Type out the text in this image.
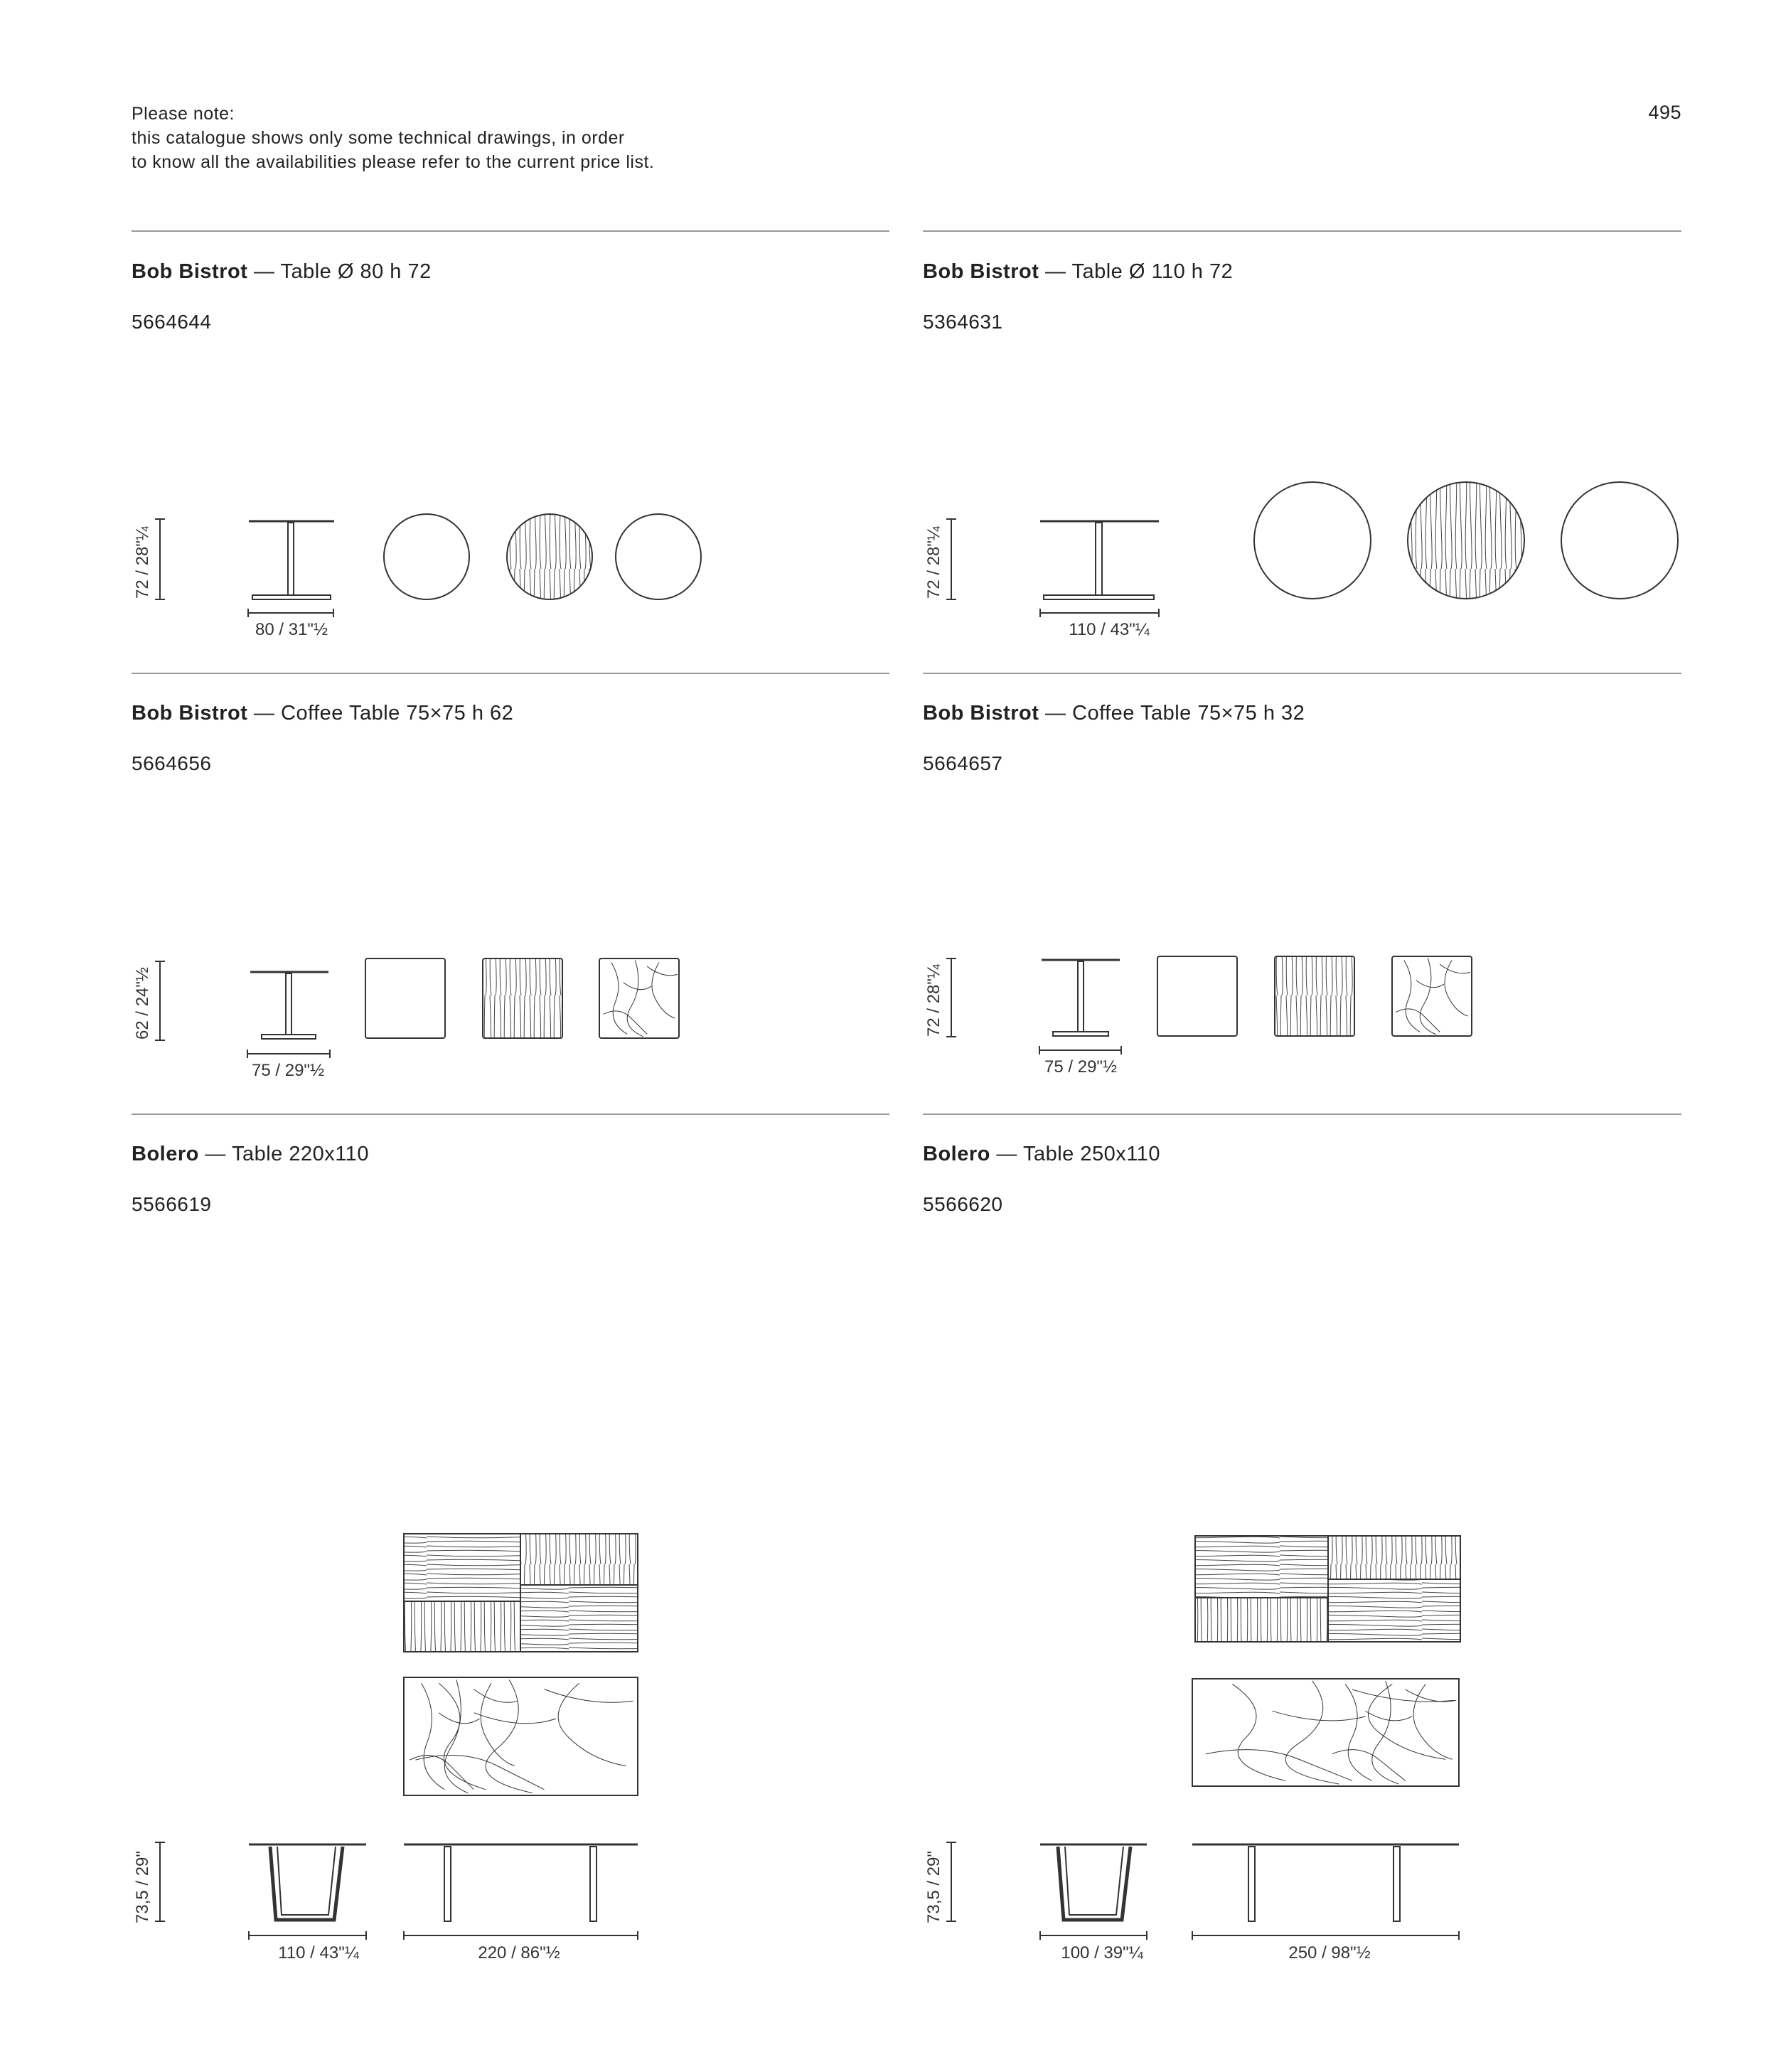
Please note:
this catalogue shows only some technical drawings, in order
to know all the availabilities please refer to the current price list.
495
Bob Bistrot — Table Ø 80 h 72
5664644
72 / 28"¼
80 / 31"½
Bob Bistrot — Table Ø 110 h 72
5364631
72 / 28"¼
110 / 43"¼
Bob Bistrot — Coffee Table 75×75 h 62
5664656
62 / 24"½
75 / 29"½
Bob Bistrot — Coffee Table 75×75 h 32
5664657
72 / 28"¼
75 / 29"½
Bolero — Table 220x110
5566619
73,5 / 29"
110 / 43"¼	220 / 86"½
Bolero — Table 250x110
5566620
73,5 / 29"
100 / 39"¼	250 / 98"½
